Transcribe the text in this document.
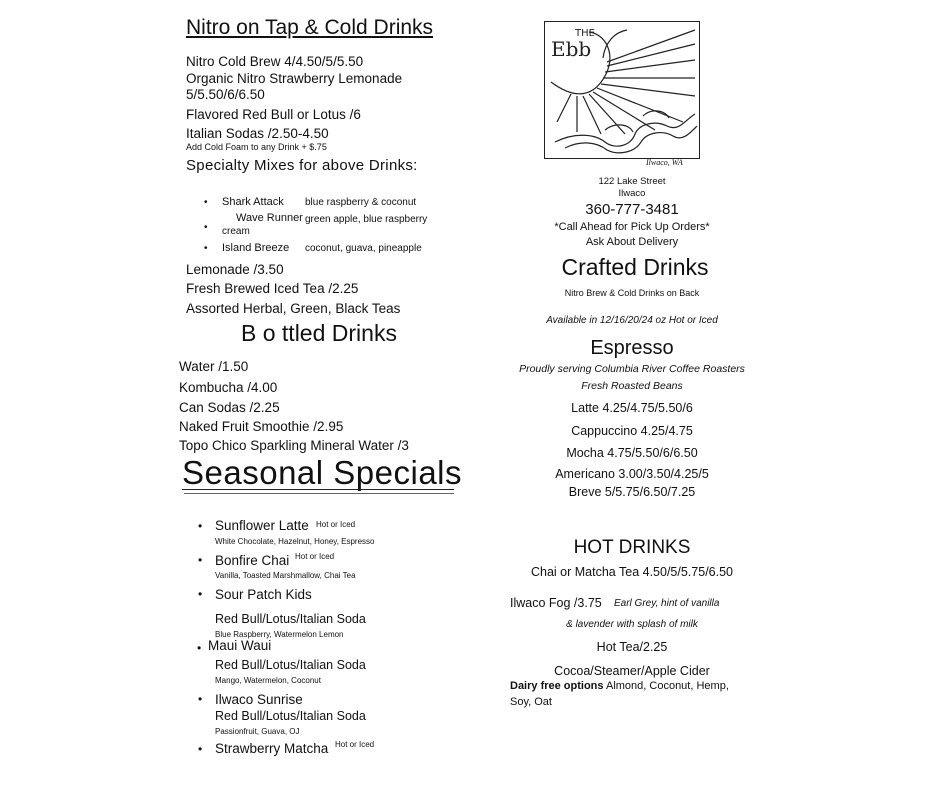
Nitro on Tap & Cold Drinks
Nitro Cold Brew 4/4.50/5/5.50
Organic Nitro Strawberry Lemonade
5/5.50/6/6.50
Flavored Red Bull or Lotus /6
Italian Sodas /2.50-4.50
Add Cold Foam to any Drink + $.75
Specialty Mixes for above Drinks:
• Shark Attack blue raspberry & coconut
•
Wave Runner green apple, blue raspberry
cream
• Island Breeze coconut, guava, pineapple
Lemonade /3.50
Fresh Brewed Iced Tea /2.25
Assorted Herbal, Green, Black Teas
B o ttled Drinks
Water /1.50
Kombucha /4.00
Can Sodas /2.25
Naked Fruit Smoothie /2.95
Topo Chico Sparkling Mineral Water /3
Seasonal Specials
• Sunflower Latte Hot or Iced
White Chocolate, Hazelnut, Honey, Espresso
• Bonfire Chai Hot or Iced
Vanilla, Toasted Marshmallow, Chai Tea
• Sour Patch Kids
Red Bull/Lotus/Italian Soda
Blue Raspberry, Watermelon Lemon
• Maui Waui
Red Bull/Lotus/Italian Soda
Mango, Watermelon, Coconut
• Ilwaco Sunrise
Red Bull/Lotus/Italian Soda
Passionfruit, Guava, OJ
• Strawberry Matcha Hot or Iced
THE
Ebb
Ilwaco, WA
122 Lake Street
Ilwaco
360-777-3481
*Call Ahead for Pick Up Orders*
Ask About Delivery
Crafted Drinks
Nitro Brew & Cold Drinks on Back
Available in 12/16/20/24 oz Hot or Iced
Espresso
Proudly serving Columbia River Coffee Roasters
Fresh Roasted Beans
Latte 4.25/4.75/5.50/6
Cappuccino 4.25/4.75
Mocha 4.75/5.50/6/6.50
Americano 3.00/3.50/4.25/5
Breve 5/5.75/6.50/7.25
HOT DRINKS
Chai or Matcha Tea 4.50/5/5.75/6.50
Ilwaco Fog /3.75 Earl Grey, hint of vanilla
& lavender with splash of milk
Hot Tea/2.25
Cocoa/Steamer/Apple Cider
Dairy free options Almond, Coconut, Hemp,
Soy, Oat
